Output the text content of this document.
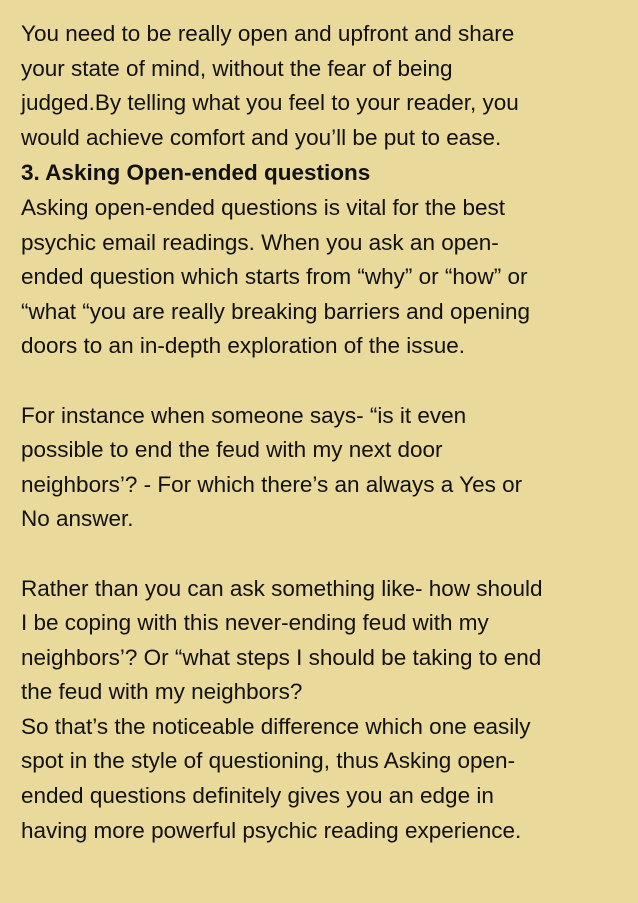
You need to be really open and upfront and share
your state of mind, without the fear of being
judged.By telling what you feel to your reader, you
would achieve comfort and you’ll be put to ease.

3. Asking Open-ended questions

Asking open-ended questions is vital for the best
psychic email readings. When you ask an open-
ended question which starts from “why” or “how” or
“what “you are really breaking barriers and opening
doors to an in-depth exploration of the issue.

For instance when someone says- “is it even
possible to end the feud with my next door
neighbors’? - For which there’s an always a Yes or
No answer.

Rather than you can ask something like- how should
I be coping with this never-ending feud with my
neighbors’? Or “what steps I should be taking to end
the feud with my neighbors?

So that’s the noticeable difference which one easily
spot in the style of questioning, thus Asking open-
ended questions definitely gives you an edge in
having more powerful psychic reading experience.
